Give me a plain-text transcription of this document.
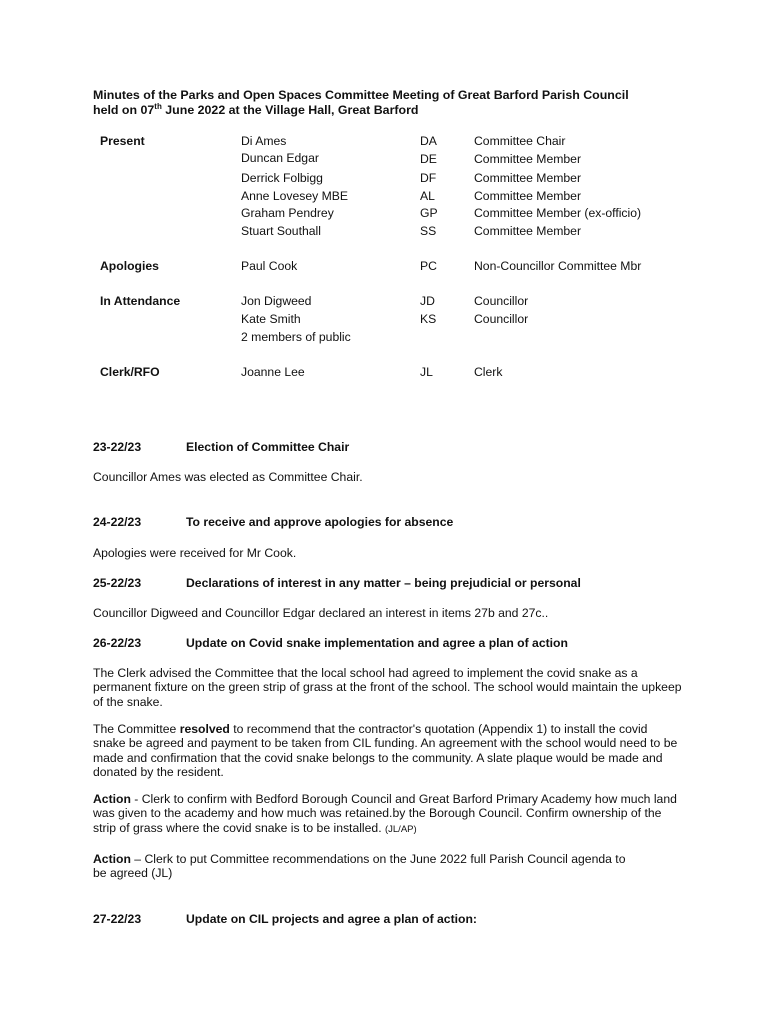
Minutes of the Parks and Open Spaces Committee Meeting of Great Barford Parish Council
held on 07th June 2022 at the Village Hall, Great Barford
Present	Di Ames	DA	Committee Chair
Duncan Edgar	DE	Committee Member
Derrick Folbigg	DF	Committee Member
Anne Lovesey MBE	AL	Committee Member
Graham Pendrey	GP	Committee Member (ex-officio)
Stuart Southall	SS	Committee Member
Apologies	Paul Cook	PC	Non-Councillor Committee Mbr
In Attendance	Jon Digweed	JD	Councillor
Kate Smith	KS	Councillor
2 members of public
Clerk/RFO	Joanne Lee	JL	Clerk
23-22/23	Election of Committee Chair
Councillor Ames was elected as Committee Chair.
24-22/23	To receive and approve apologies for absence
Apologies were received for Mr Cook.
25-22/23	Declarations of interest in any matter – being prejudicial or personal
Councillor Digweed and Councillor Edgar declared an interest in items 27b and 27c..
26-22/23	Update on Covid snake implementation and agree a plan of action
The Clerk advised the Committee that the local school had agreed to implement the covid snake as a permanent fixture on the green strip of grass at the front of the school. The school would maintain the upkeep of the snake.
The Committee resolved to recommend that the contractor's quotation (Appendix 1) to install the covid snake be agreed and payment to be taken from CIL funding. An agreement with the school would need to be made and confirmation that the covid snake belongs to the community. A slate plaque would be made and donated by the resident.
Action - Clerk to confirm with Bedford Borough Council and Great Barford Primary Academy how much land was given to the academy and how much was retained.by the Borough Council. Confirm ownership of the strip of grass where the covid snake is to be installed. (JL/AP)
Action – Clerk to put Committee recommendations on the June 2022 full Parish Council agenda to be agreed (JL)
27-22/23	Update on CIL projects and agree a plan of action:
